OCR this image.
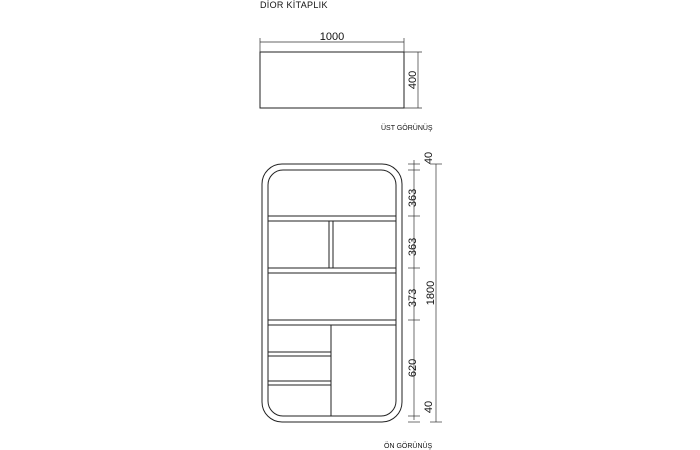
DİOR KİTAPLIK
1000
400
ÜST GÖRÜNÜŞ
40
363
363
373
620
40
1800
ÖN GÖRÜNÜŞ
